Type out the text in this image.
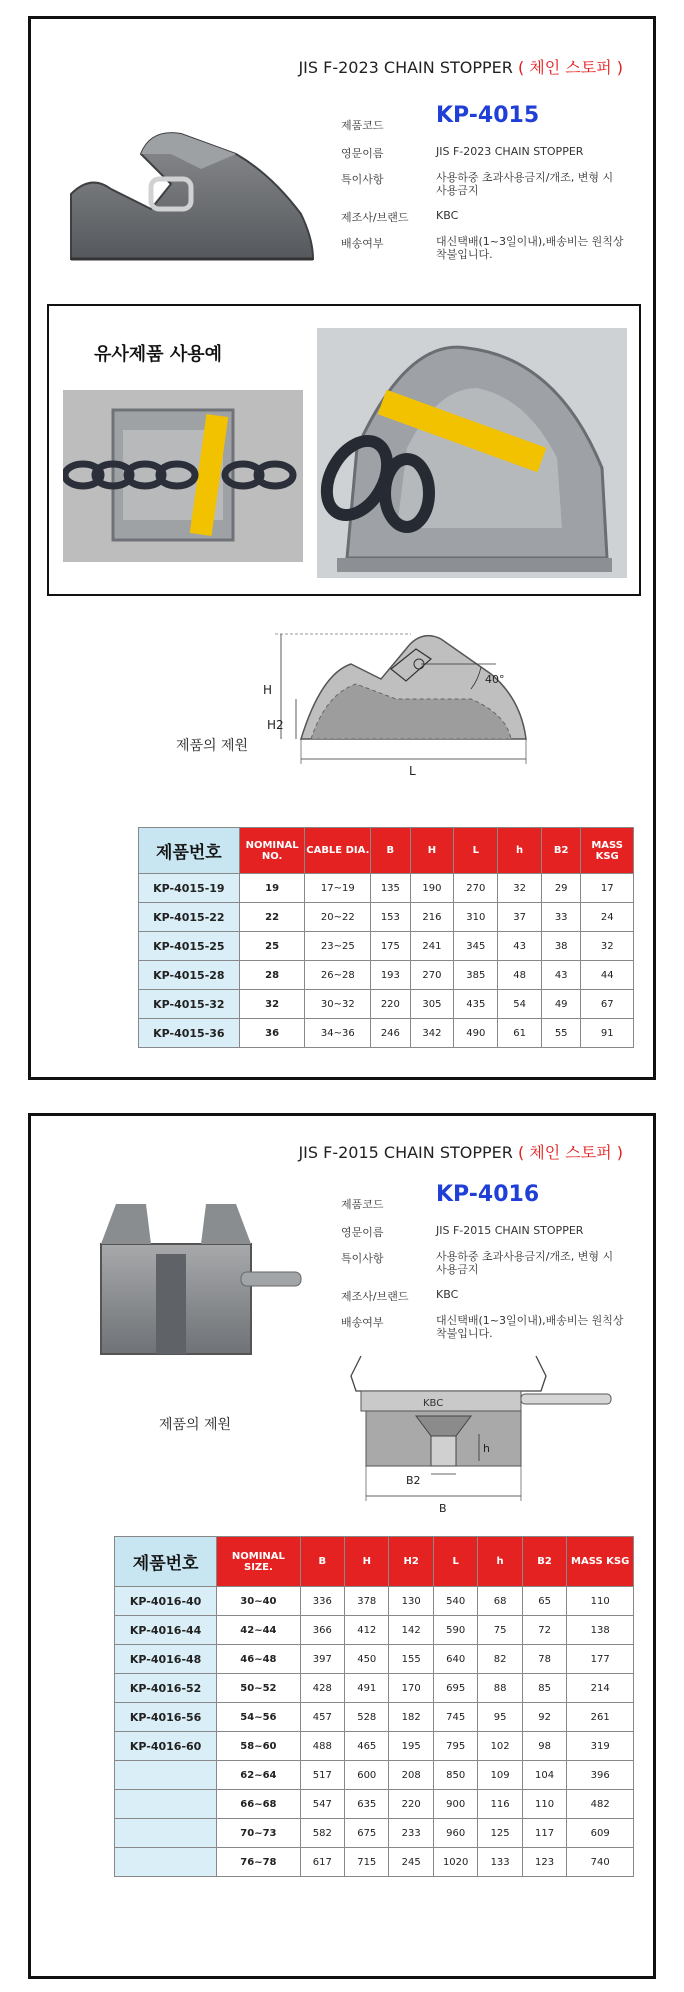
JIS F-2023 CHAIN STOPPER ( 체인 스토퍼 )
제품코드	KP-4015
영문이름	JIS F-2023 CHAIN STOPPER
특이사항	사용하중 초과사용금지/개조, 변형 시 사용금지
제조사/브랜드	KBC
배송여부	대신택배(1~3일이내),배송비는 원칙상 착불입니다.
유사제품 사용예
40°
H
H2
L
제품의 제원
제품번호	NOMINAL NO.	CABLE DIA.	B	H	L	h	B2	MASS KSG
KP-4015-19	19	17~19	135	190	270	32	29	17
KP-4015-22	22	20~22	153	216	310	37	33	24
KP-4015-25	25	23~25	175	241	345	43	38	32
KP-4015-28	28	26~28	193	270	385	48	43	44
KP-4015-32	32	30~32	220	305	435	54	49	67
KP-4015-36	36	34~36	246	342	490	61	55	91
JIS F-2015 CHAIN STOPPER ( 체인 스토퍼 )
제품코드	KP-4016
영문이름	JIS F-2015 CHAIN STOPPER
특이사항	사용하중 초과사용금지/개조, 변형 시 사용금지
제조사/브랜드	KBC
배송여부	대신택배(1~3일이내),배송비는 원칙상 착불입니다.
제품의 제원
KBC
h
B2
B
제품번호	NOMINAL SIZE.	B	H	H2	L	h	B2	MASS KSG
KP-4016-40	30~40	336	378	130	540	68	65	110
KP-4016-44	42~44	366	412	142	590	75	72	138
KP-4016-48	46~48	397	450	155	640	82	78	177
KP-4016-52	50~52	428	491	170	695	88	85	214
KP-4016-56	54~56	457	528	182	745	95	92	261
KP-4016-60	58~60	488	465	195	795	102	98	319
	62~64	517	600	208	850	109	104	396
	66~68	547	635	220	900	116	110	482
	70~73	582	675	233	960	125	117	609
	76~78	617	715	245	1020	133	123	740
